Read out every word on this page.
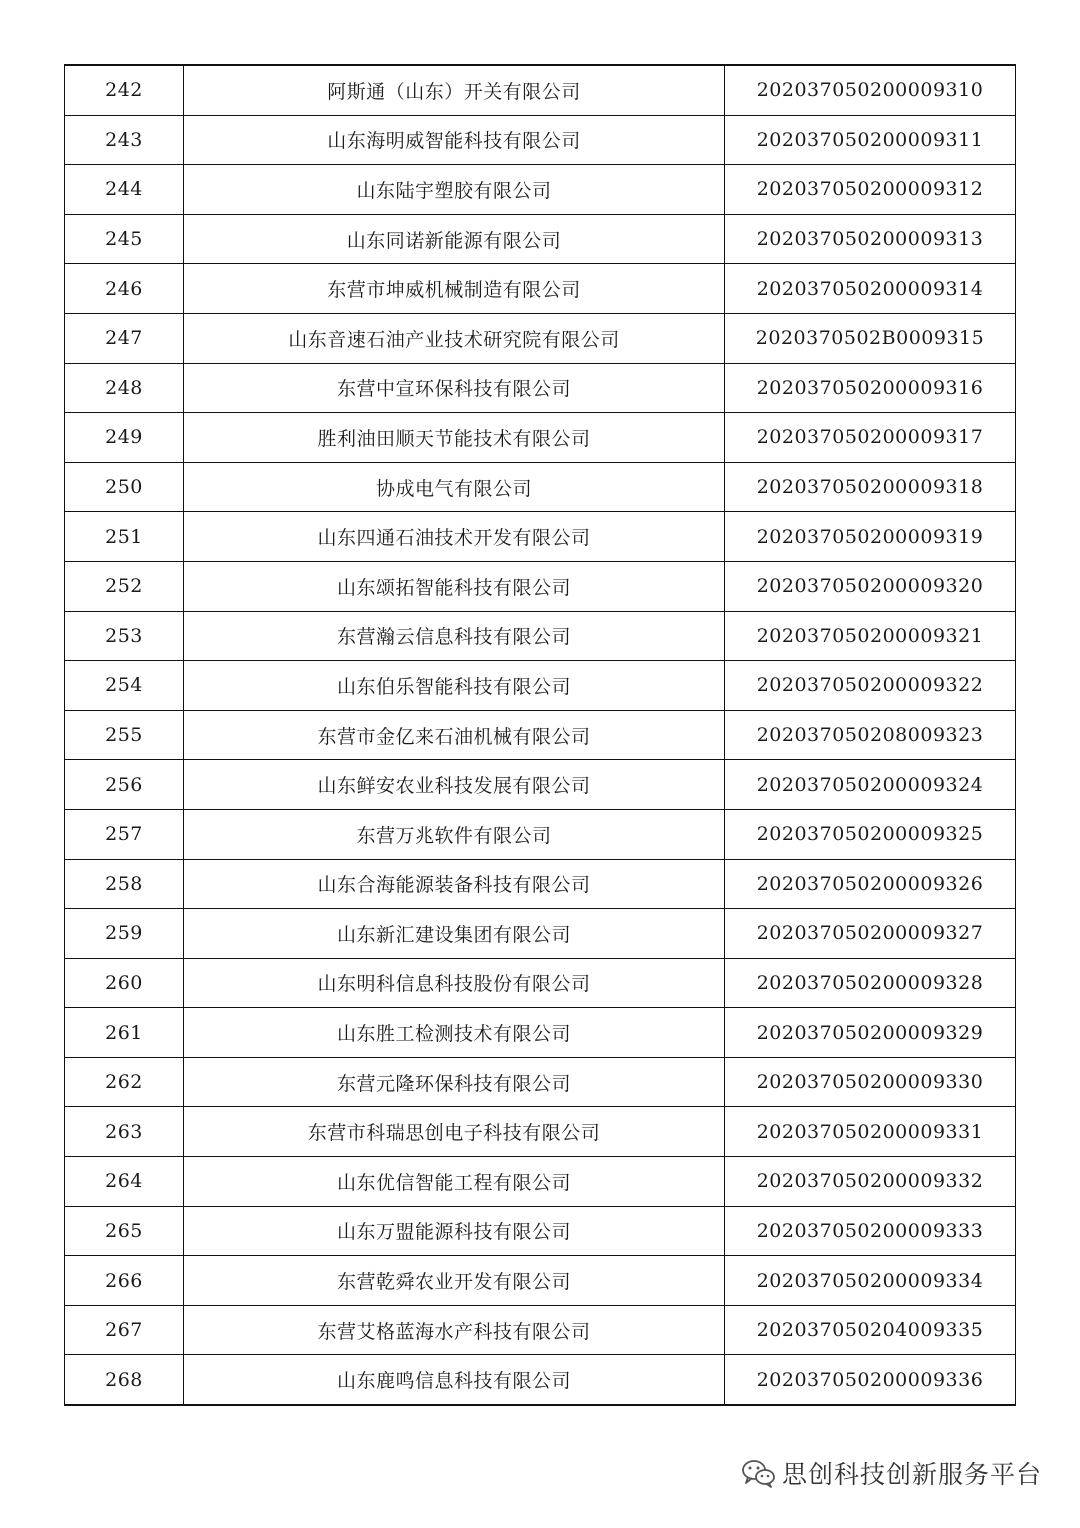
242	阿斯通（山东）开关有限公司	20203705020000931​0
243	山东海明威智能科技有限公司	202037050200009311
244	山东陆宇塑胶有限公司	202037050200009312
245	山东同诺新能源有限公司	202037050200009313
246	东营市坤威机械制造有限公司	202037050200009314
247	山东音速石油产业技术研究院有限公司	2020370502B0009315
248	东营中宣环保科技有限公司	202037050200009316
249	胜利油田顺天节能技术有限公司	202037050200009317
250	协成电气有限公司	202037050200009318
251	山东四通石油技术开发有限公司	202037050200009319
252	山东颂拓智能科技有限公司	202037050200009320
253	东营瀚云信息科技有限公司	202037050200009321
254	山东伯乐智能科技有限公司	202037050200009322
255	东营市金亿来石油机械有限公司	202037050208009323
256	山东鲜安农业科技发展有限公司	202037050200009324
257	东营万兆软件有限公司	202037050200009325
258	山东合海能源装备科技有限公司	202037050200009326
259	山东新汇建设集团有限公司	202037050200009327
260	山东明科信息科技股份有限公司	202037050200009328
261	山东胜工检测技术有限公司	202037050200009329
262	东营元隆环保科技有限公司	202037050200009330
263	东营市科瑞思创电子科技有限公司	202037050200009331
264	山东优信智能工程有限公司	202037050200009332
265	山东万盟能源科技有限公司	202037050200009333
266	东营乾舜农业开发有限公司	202037050200009334
267	东营艾格蓝海水产科技有限公司	202037050204009335
268	山东鹿鸣信息科技有限公司	202037050200009336
思创科技创新服务平台
